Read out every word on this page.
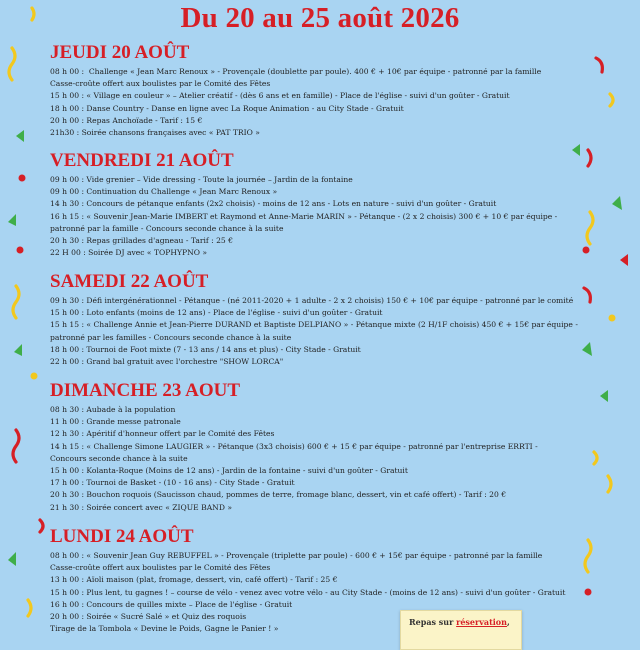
Du 20 au 25 août 2026
JEUDI 20 AOÛT

08 h 00 :  Challenge « Jean Marc Renoux » - Provençale (doublette par poule). 400 € + 10€ par équipe - patronné par la famille

Casse-croûte offert aux boulistes par le Comité des Fêtes

15 h 00 : « Village en couleur » – Atelier créatif - (dès 6 ans et en famille) - Place de l'église - suivi d'un goûter - Gratuit

18 h 00 : Danse Country - Danse en ligne avec La Roque Animation - au City Stade - Gratuit

20 h 00 : Repas Anchoïade - Tarif : 15 €

21h30 : Soirée chansons françaises avec « PAT TRIO »

VENDREDI 21 AOÛT

09 h 00 : Vide grenier – Vide dressing - Toute la journée – Jardin de la fontaine

09 h 00 : Continuation du Challenge « Jean Marc Renoux »

14 h 30 : Concours de pétanque enfants (2x2 choisis) - moins de 12 ans - Lots en nature - suivi d'un goûter - Gratuit

16 h 15 : « Souvenir Jean-Marie IMBERT et Raymond et Anne-Marie MARIN » - Pétanque - (2 x 2 choisis) 300 € + 10 € par équipe -

patronné par la famille - Concours seconde chance à la suite

20 h 30 : Repas grillades d'agneau - Tarif : 25 €

22 H 00 : Soirée DJ avec « TOPHYPNO »

SAMEDI 22 AOÛT

09 h 30 : Défi intergénérationnel - Pétanque - (né 2011-2020 + 1 adulte - 2 x 2 choisis) 150 € + 10€ par équipe - patronné par le comité

15 h 00 : Loto enfants (moins de 12 ans) - Place de l'église - suivi d'un goûter - Gratuit

15 h 15 : « Challenge Annie et Jean-Pierre DURAND et Baptiste DELPIANO » - Pétanque mixte (2 H/1F choisis) 450 € + 15€ par équipe -

patronné par les familles - Concours seconde chance à la suite

18 h 00 : Tournoi de Foot mixte (7 - 13 ans / 14 ans et plus) - City Stade - Gratuit

22 h 00 : Grand bal gratuit avec l'orchestre "SHOW LORCA"

DIMANCHE 23 AOUT

08 h 30 : Aubade à la population

11 h 00 : Grande messe patronale

12 h 30 : Apéritif d'honneur offert par le Comité des Fêtes

14 h 15 : « Challenge Simone LAUGIER » - Pétanque (3x3 choisis) 600 € + 15 € par équipe - patronné par l'entreprise ERRTI -

Concours seconde chance à la suite

15 h 00 : Kolanta-Roque (Moins de 12 ans) - Jardin de la fontaine - suivi d'un goûter - Gratuit

17 h 00 : Tournoi de Basket - (10 - 16 ans) - City Stade - Gratuit

20 h 30 : Bouchon roquois (Saucisson chaud, pommes de terre, fromage blanc, dessert, vin et café offert) - Tarif : 20 €

21 h 30 : Soirée concert avec « ZIQUE BAND »

LUNDI 24 AOÛT

08 h 00 : « Souvenir Jean Guy REBUFFEL » - Provençale (triplette par poule) - 600 € + 15€ par équipe - patronné par la famille

Casse-croûte offert aux boulistes par le Comité des Fêtes

13 h 00 : Aïoli maison (plat, fromage, dessert, vin, café offert) - Tarif : 25 €

15 h 00 : Plus lent, tu gagnes ! – course de vélo - venez avec votre vélo - au City Stade - (moins de 12 ans) - suivi d'un goûter - Gratuit

16 h 00 : Concours de quilles mixte – Place de l'église - Gratuit

20 h 00 : Soirée « Sucré Salé » et Quiz des roquois

Tirage de la Tombola « Devine le Poids, Gagne le Panier ! »

Repas sur réservation,
